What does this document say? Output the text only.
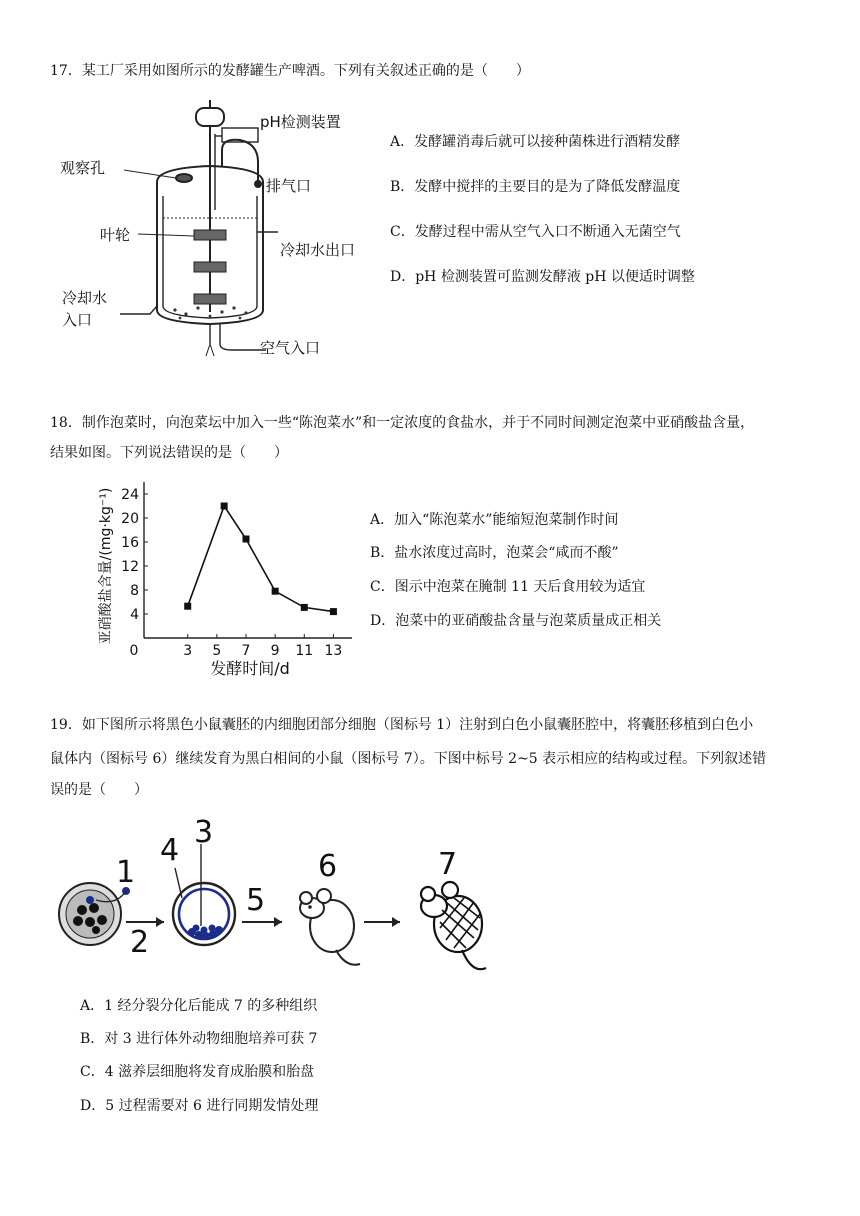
17．某工厂采用如图所示的发酵罐生产啤酒。下列有关叙述正确的是（　　）
pH检测装置
观察孔
排气口
叶轮
冷却水出口
冷却水
入口
空气入口
A．发酵罐消毒后就可以接种菌株进行酒精发酵
B．发酵中搅拌的主要目的是为了降低发酵温度
C．发酵过程中需从空气入口不断通入无菌空气
D．pH 检测装置可监测发酵液 pH 以便适时调整
18．制作泡菜时，向泡菜坛中加入一些“陈泡菜水”和一定浓度的食盐水，并于不同时间测定泡菜中亚硝酸盐含量，
结果如图。下列说法错误的是（　　）
0	3 5 7 9 11 13
4
8
12
16
20
24
发酵时间/d
亚硝酸盐含量/(mg·kg⁻¹)	A．加入“陈泡菜水”能缩短泡菜制作时间
B．盐水浓度过高时，泡菜会“咸而不酸”
C．图示中泡菜在腌制 11 天后食用较为适宜
D．泡菜中的亚硝酸盐含量与泡菜质量成正相关
19．如下图所示将黑色小鼠囊胚的内细胞团部分细胞（图标号 1）注射到白色小鼠囊胚腔中，将囊胚移植到白色小
鼠体内（图标号 6）继续发育为黑白相间的小鼠（图标号 7）。下图中标号 2~5 表示相应的结构或过程。下列叙述错
误的是（　　）
1
2
3
4
5
6	7
A．1 经分裂分化后能成 7 的多种组织
B．对 3 进行体外动物细胞培养可获 7
C．4 滋养层细胞将发育成胎膜和胎盘
D．5 过程需要对 6 进行同期发情处理
